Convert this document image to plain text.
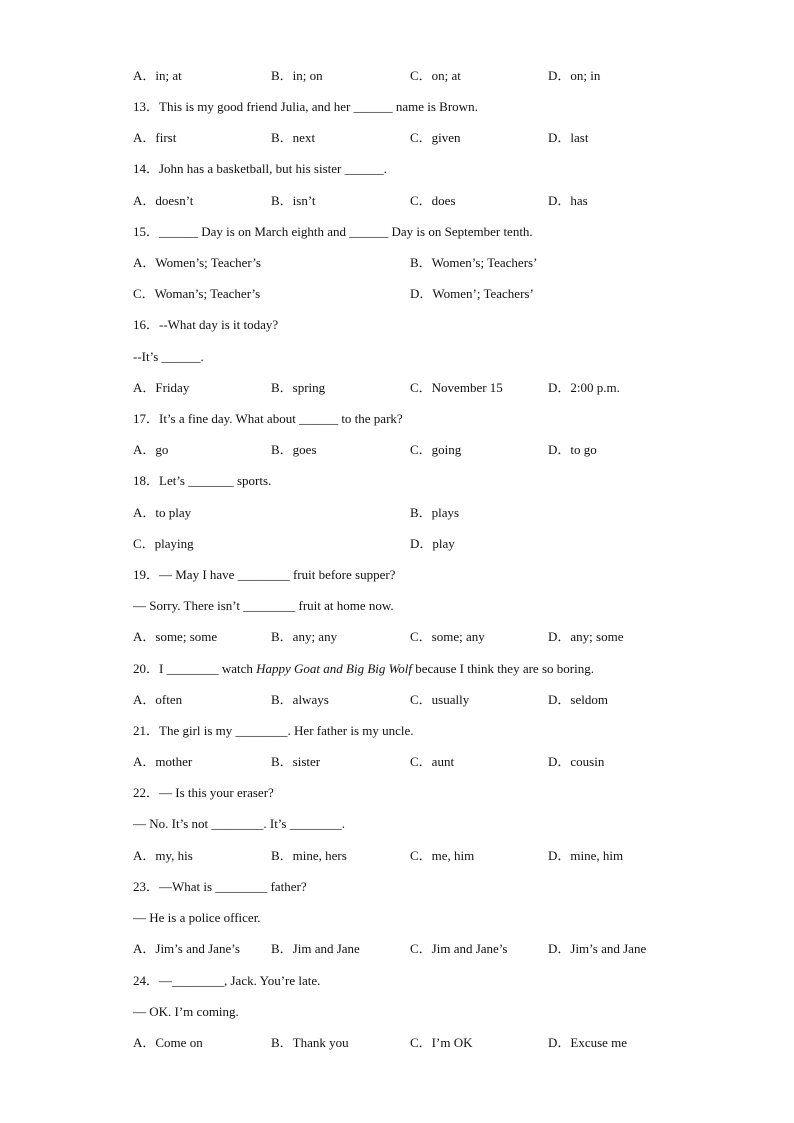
A．in; at	B．in; on	C．on; at	D．on; in
13．This is my good friend Julia, and her ______ name is Brown.
A．first	B．next	C．given	D．last
14．John has a basketball, but his sister ______.
A．doesn’t	B．isn’t	C．does	D．has
15．______ Day is on March eighth and ______ Day is on September tenth.
A．Women’s; Teacher’s	B．Women’s; Teachers’
C．Woman’s; Teacher’s	D．Women’; Teachers’
16．--What day is it today?
--It’s ______.
A．Friday	B．spring	C．November 15	D．2:00 p.m.
17．It’s a fine day. What about ______ to the park?
A．go	B．goes	C．going	D．to go
18．Let’s _______ sports.
A．to play	B．plays
C．playing	D．play
19．— May I have ________ fruit before supper?
— Sorry. There isn’t ________ fruit at home now.
A．some; some	B．any; any	C．some; any	D．any; some
20．I ________ watch Happy Goat and Big Big Wolf because I think they are so boring.
A．often	B．always	C．usually	D．seldom
21．The girl is my ________. Her father is my uncle.
A．mother	B．sister	C．aunt	D．cousin
22．— Is this your eraser?
— No. It’s not ________. It’s ________.
A．my, his	B．mine, hers	C．me, him	D．mine, him
23．—What is ________ father?
— He is a police officer.
A．Jim’s and Jane’s B．Jim and Jane	C．Jim and Jane’s	D．Jim’s and Jane
24．—________, Jack. You’re late.
— OK. I’m coming.
A．Come on	B．Thank you	C．I’m OK	D．Excuse me
